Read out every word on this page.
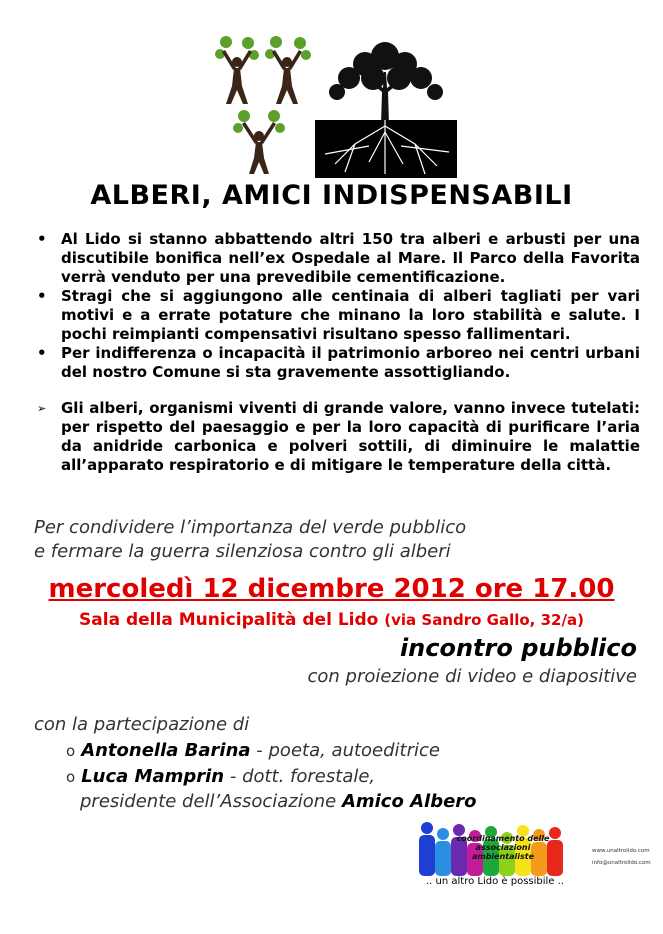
ALBERI, AMICI INDISPENSABILI
• Al Lido si stanno abbattendo altri 150 tra alberi e arbusti per una discutibile bonifica nell’ex Ospedale al Mare. Il Parco della Favorita verrà venduto per una prevedibile cementificazione.
• Stragi che si aggiungono alle centinaia di alberi tagliati per vari motivi e a errate potature che minano la loro stabilità e salute. I pochi reimpianti compensativi risultano spesso fallimentari.
• Per indifferenza o incapacità il patrimonio arboreo nei centri urbani del nostro Comune si sta gravemente assottigliando.
➢ Gli alberi, organismi viventi di grande valore, vanno invece tutelati: per rispetto del paesaggio e per la loro capacità di purificare l’aria da anidride carbonica e polveri sottili, di diminuire le malattie all’apparato respiratorio e di mitigare le temperature della città.
Per condividere l’importanza del verde pubblico
e fermare la guerra silenziosa contro gli alberi
mercoledì 12 dicembre 2012 ore 17.00
Sala della Municipalità del Lido (via Sandro Gallo, 32/a)
incontro pubblico
con proiezione di video e diapositive
con la partecipazione di
o Antonella Barina - poeta, autoeditrice
o Luca Mamprin - dott. forestale,
presidente dell’Associazione Amico Albero
coordinamento delle
associazioni ambientaliste
.. un altro Lido è possibile ..
www.unaltrolido.com
info@unaltrolido.com
